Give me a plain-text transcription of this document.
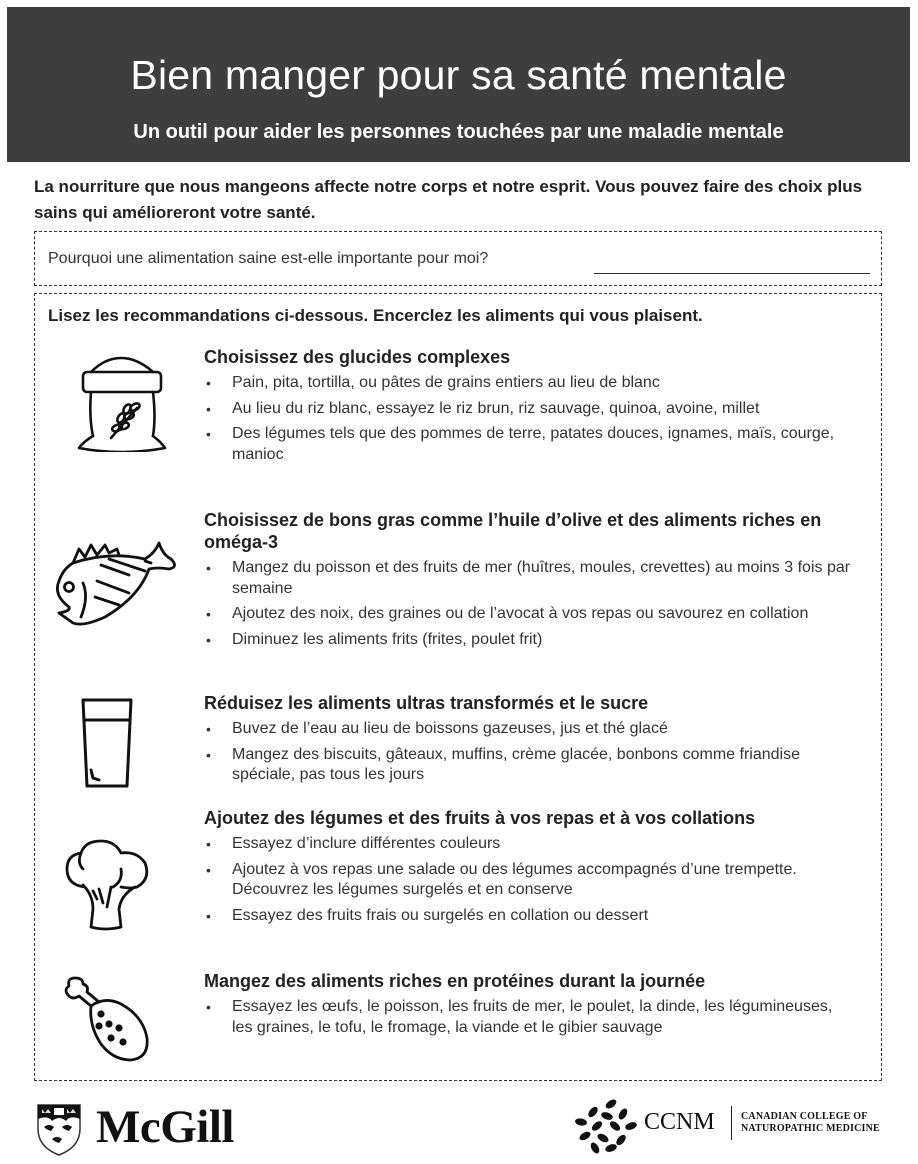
Bien manger pour sa santé mentale
Un outil pour aider les personnes touchées par une maladie mentale
La nourriture que nous mangeons affecte notre corps et notre esprit. Vous pouvez faire des choix plus sains qui amélioreront votre santé.
Pourquoi une alimentation saine est-elle importante pour moi?
Lisez les recommandations ci-dessous. Encerclez les aliments qui vous plaisent.
Choisissez des glucides complexes
• Pain, pita, tortilla, ou pâtes de grains entiers au lieu de blanc
• Au lieu du riz blanc, essayez le riz brun, riz sauvage, quinoa, avoine, millet
• Des légumes tels que des pommes de terre, patates douces, ignames, maïs, courge, manioc
Choisissez de bons gras comme l’huile d’olive et des aliments riches en oméga-3
• Mangez du poisson et des fruits de mer (huîtres, moules, crevettes) au moins 3 fois par semaine
• Ajoutez des noix, des graines ou de l’avocat à vos repas ou savourez en collation
• Diminuez les aliments frits (frites, poulet frit)
Réduisez les aliments ultras transformés et le sucre
• Buvez de l’eau au lieu de boissons gazeuses, jus et thé glacé
• Mangez des biscuits, gâteaux, muffins, crème glacée, bonbons comme friandise spéciale, pas tous les jours
Ajoutez des légumes et des fruits à vos repas et à vos collations
• Essayez d’inclure différentes couleurs
• Ajoutez à vos repas une salade ou des légumes accompagnés d’une trempette. Découvrez les légumes surgelés et en conserve
• Essayez des fruits frais ou surgelés en collation ou dessert
Mangez des aliments riches en protéines durant la journée
• Essayez les œufs, le poisson, les fruits de mer, le poulet, la dinde, les légumineuses, les graines, le tofu, le fromage, la viande et le gibier sauvage
McGill	CCNM	CANADIAN COLLEGE OF
NATUROPATHIC MEDICINE
